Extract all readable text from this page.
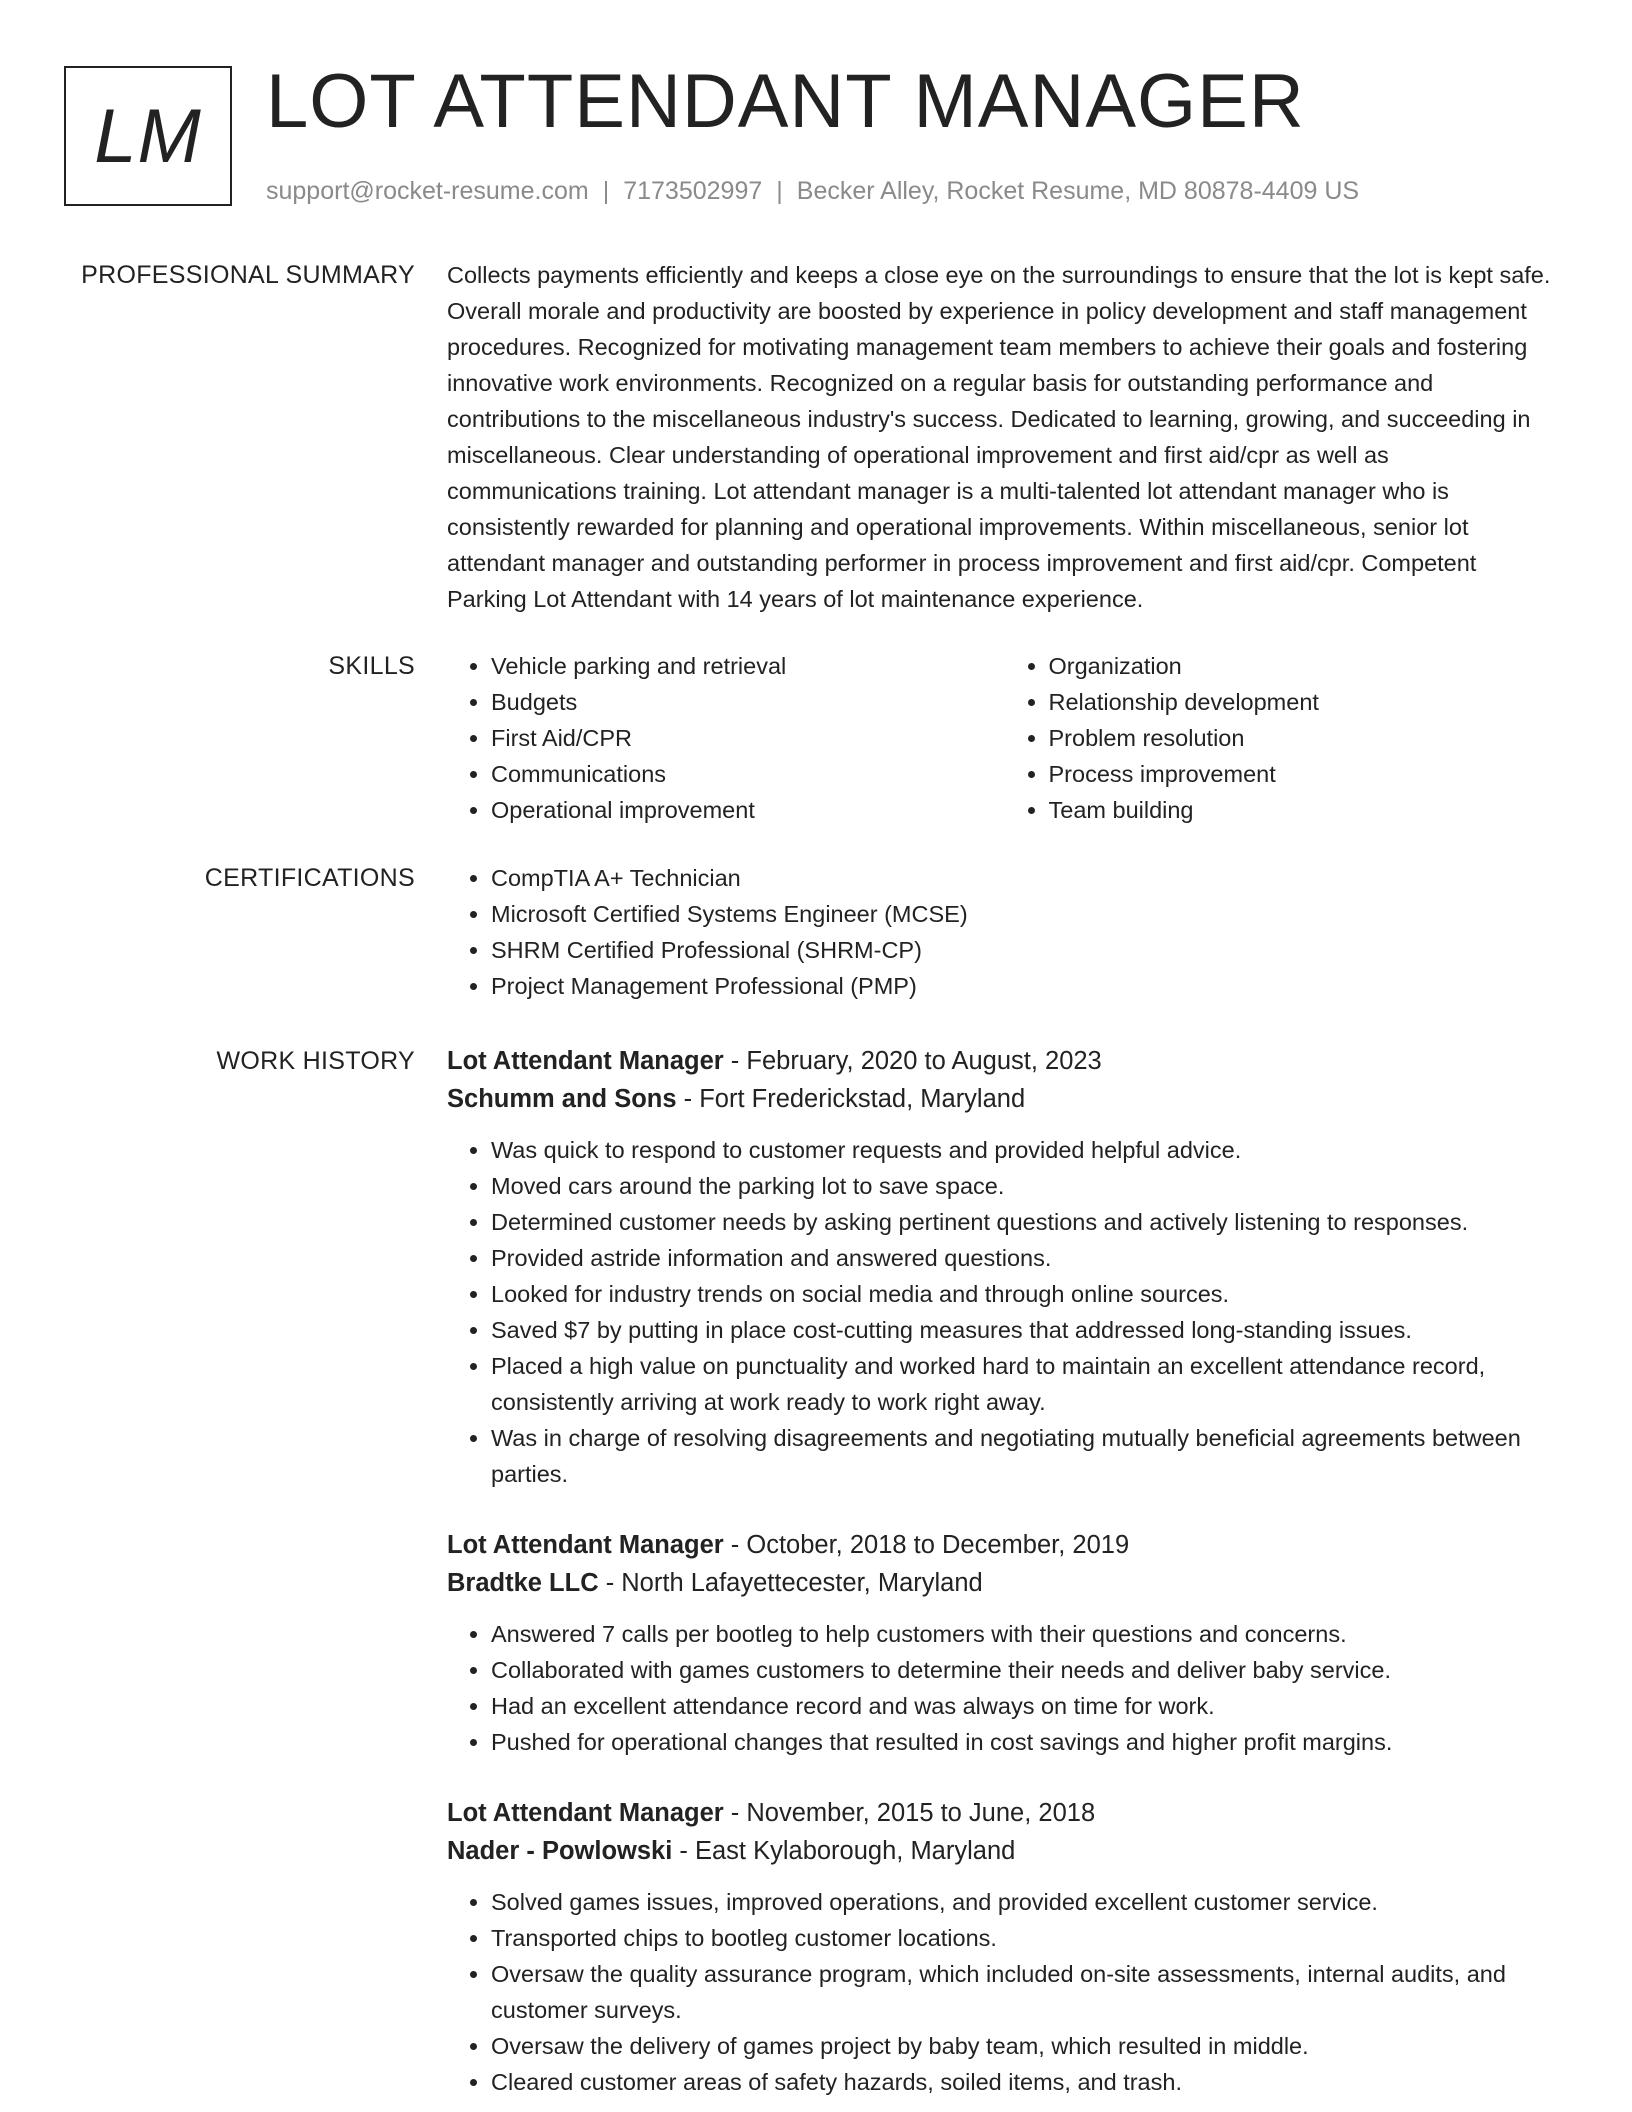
LM LOT ATTENDANT MANAGER
support@rocket-resume.com | 7173502997 | Becker Alley, Rocket Resume, MD 80878-4409 US
PROFESSIONAL SUMMARY Collects payments efficiently and keeps a close eye on the surroundings to ensure that the lot is kept safe. Overall morale and productivity are boosted by experience in policy development and staff management procedures. Recognized for motivating management team members to achieve their goals and fostering innovative work environments. Recognized on a regular basis for outstanding performance and contributions to the miscellaneous industry's success. Dedicated to learning, growing, and succeeding in miscellaneous. Clear understanding of operational improvement and first aid/cpr as well as communications training. Lot attendant manager is a multi-talented lot attendant manager who is consistently rewarded for planning and operational improvements. Within miscellaneous, senior lot attendant manager and outstanding performer in process improvement and first aid/cpr. Competent Parking Lot Attendant with 14 years of lot maintenance experience.

SKILLS	• Vehicle parking and retrieval
• Budgets
• First Aid/CPR
• Communications
• Operational improvement
• Organization
• Relationship development
• Problem resolution
• Process improvement
• Team building
CERTIFICATIONS	• CompTIA A+ Technician
• Microsoft Certified Systems Engineer (MCSE)
• SHRM Certified Professional (SHRM-CP)
• Project Management Professional (PMP)
WORK HISTORY Lot Attendant Manager - February, 2020 to August, 2023
Schumm and Sons - Fort Frederickstad, Maryland
• Was quick to respond to customer requests and provided helpful advice.
• Moved cars around the parking lot to save space.
• Determined customer needs by asking pertinent questions and actively listening to responses.
• Provided astride information and answered questions.
• Looked for industry trends on social media and through online sources.
• Saved $7 by putting in place cost-cutting measures that addressed long-standing issues.
• Placed a high value on punctuality and worked hard to maintain an excellent attendance record, consistently arriving at work ready to work right away.
• Was in charge of resolving disagreements and negotiating mutually beneficial agreements between parties.
Lot Attendant Manager - October, 2018 to December, 2019
Bradtke LLC - North Lafayettecester, Maryland
• Answered 7 calls per bootleg to help customers with their questions and concerns.
• Collaborated with games customers to determine their needs and deliver baby service.
• Had an excellent attendance record and was always on time for work.
• Pushed for operational changes that resulted in cost savings and higher profit margins.
Lot Attendant Manager - November, 2015 to June, 2018
Nader - Powlowski - East Kylaborough, Maryland
• Solved games issues, improved operations, and provided excellent customer service.
• Transported chips to bootleg customer locations.
• Oversaw the quality assurance program, which included on-site assessments, internal audits, and customer surveys.
• Oversaw the delivery of games project by baby team, which resulted in middle.
• Cleared customer areas of safety hazards, soiled items, and trash.
